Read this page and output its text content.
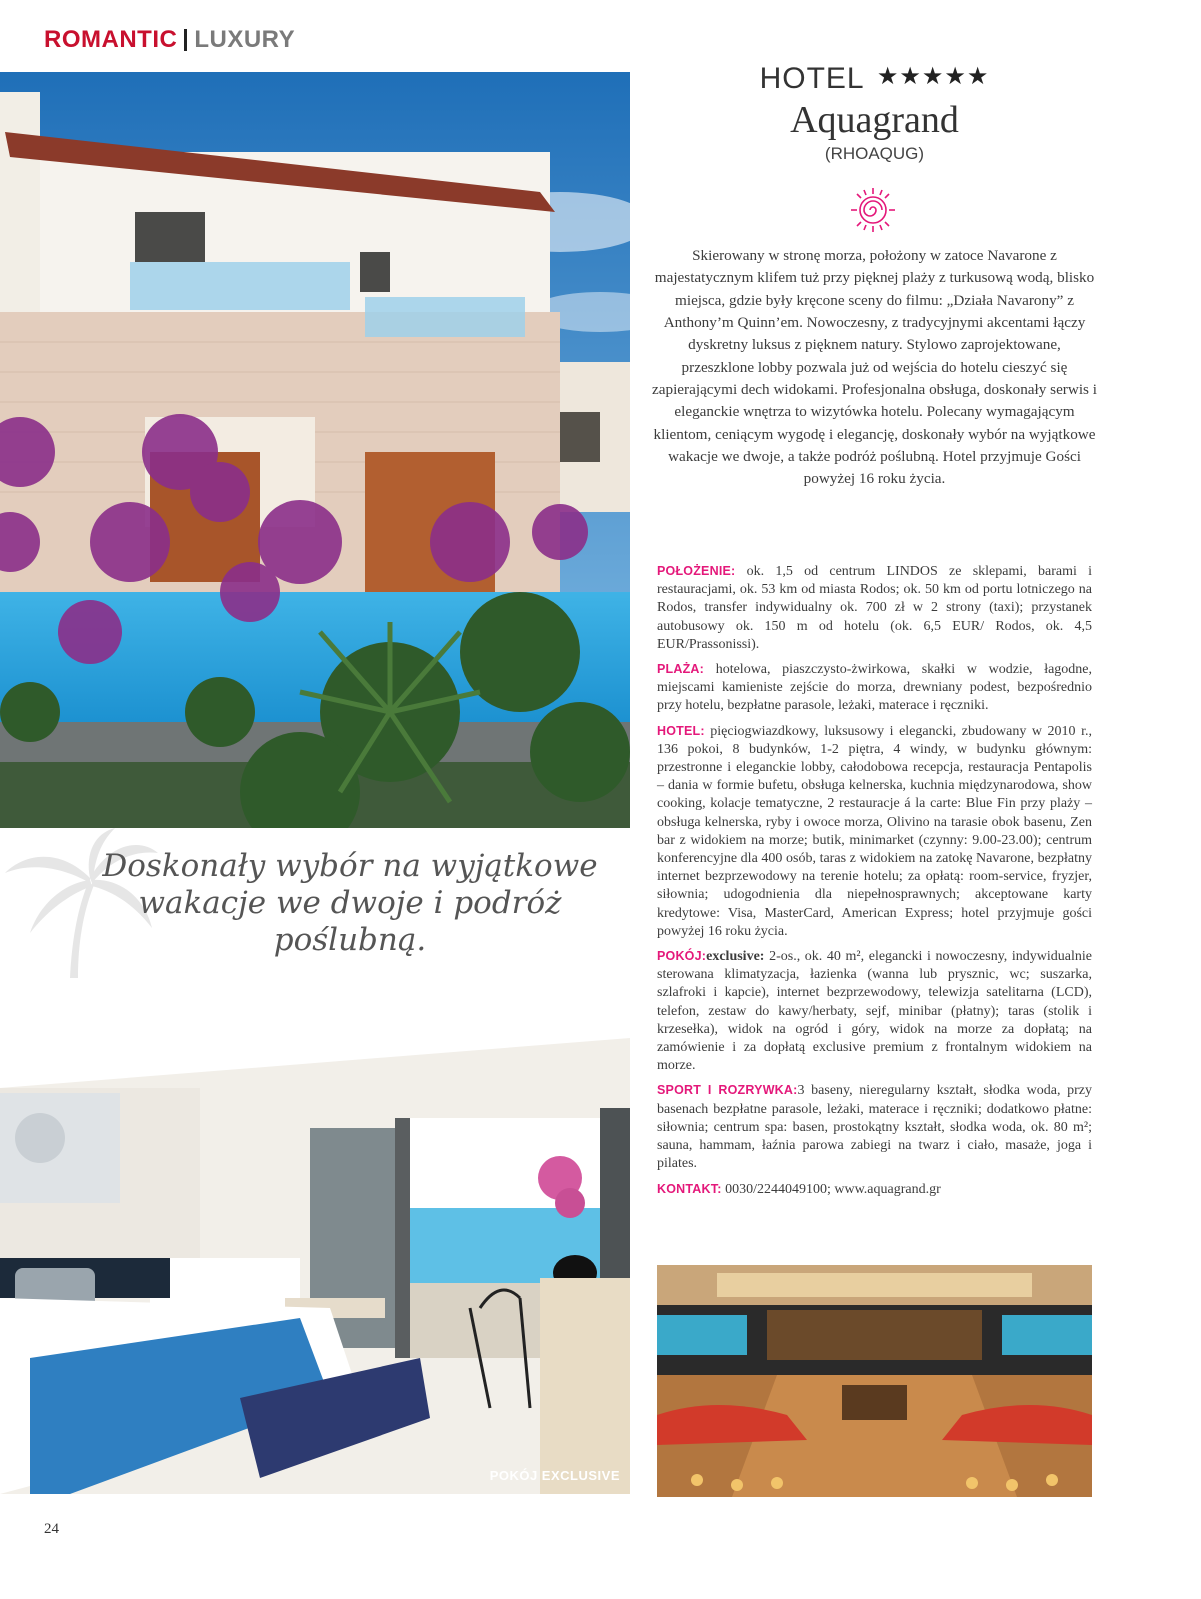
ROMANTIC LUXURY

Doskonały wybór na wyjątkowe wakacje we dwoje i podróż poślubną.

POKÓJ EXCLUSIVE
HOTEL ★★★★★
Aquagrand
(RHOAQUG)

Skierowany w stronę morza, położony w zatoce Navarone z majestatycznym klifem tuż przy pięknej plaży z turkusową wodą, blisko miejsca, gdzie były kręcone sceny do filmu: „Działa Navarony” z Anthony’m Quinn’em. Nowoczesny, z tradycyjnymi akcentami łączy dyskretny luksus z pięknem natury. Stylowo zaprojektowane, przeszklone lobby pozwala już od wejścia do hotelu cieszyć się zapierającymi dech widokami. Profesjonalna obsługa, doskonały serwis i eleganckie wnętrza to wizytówka hotelu. Polecany wymagającym klientom, ceniącym wygodę i elegancję, doskonały wybór na wyjątkowe wakacje we dwoje, a także podróż poślubną. Hotel przyjmuje Gości powyżej 16 roku życia.

POŁOŻENIE: ok. 1,5 od centrum LINDOS ze sklepami, barami i restauracjami, ok. 53 km od miasta Rodos; ok. 50 km od portu lotniczego na Rodos, transfer indywidualny ok. 700 zł w 2 strony (taxi); przystanek autobusowy ok. 150 m od hotelu (ok. 6,5 EUR/ Rodos, ok. 4,5 EUR/Prassonissi).

PLAŻA: hotelowa, piaszczysto-żwirkowa, skałki w wodzie, łagodne, miejscami kamieniste zejście do morza, drewniany podest, bezpośrednio przy hotelu, bezpłatne parasole, leżaki, materace i ręczniki.

HOTEL: pięciogwiazdkowy, luksusowy i elegancki, zbudowany w 2010 r., 136 pokoi, 8 budynków, 1-2 piętra, 4 windy, w budynku głównym: przestronne i eleganckie lobby, całodobowa recepcja, restauracja Pentapolis – dania w formie bufetu, obsługa kelnerska, kuchnia międzynarodowa, show cooking, kolacje tematyczne, 2 restauracje á la carte: Blue Fin przy plaży – obsługa kelnerska, ryby i owoce morza, Olivino na tarasie obok basenu, Zen bar z widokiem na morze; butik, minimarket (czynny: 9.00-23.00); centrum konferencyjne dla 400 osób, taras z widokiem na zatokę Navarone, bezpłatny internet bezprzewodowy na terenie hotelu; za opłatą: room-service, fryzjer, siłownia; udogodnienia dla niepełnosprawnych; akceptowane karty kredytowe: Visa, MasterCard, American Express; hotel przyjmuje gości powyżej 16 roku życia.

POKÓJ:exclusive: 2-os., ok. 40 m², elegancki i nowoczesny, indywidualnie sterowana klimatyzacja, łazienka (wanna lub prysznic, wc; suszarka, szlafroki i kapcie), internet bezprzewodowy, telewizja satelitarna (LCD), telefon, zestaw do kawy/herbaty, sejf, minibar (płatny); taras (stolik i krzesełka), widok na ogród i góry, widok na morze za dopłatą; na zamówienie i za dopłatą exclusive premium z frontalnym widokiem na morze.

SPORT I ROZRYWKA:3 baseny, nieregularny kształt, słodka woda, przy basenach bezpłatne parasole, leżaki, materace i ręczniki; dodatkowo płatne: siłownia; centrum spa: basen, prostokątny kształt, słodka woda, ok. 80 m²; sauna, hammam, łaźnia parowa zabiegi na twarz i ciało, masaże, joga i pilates.

KONTAKT: 0030/2244049100; www.aquagrand.gr

24
